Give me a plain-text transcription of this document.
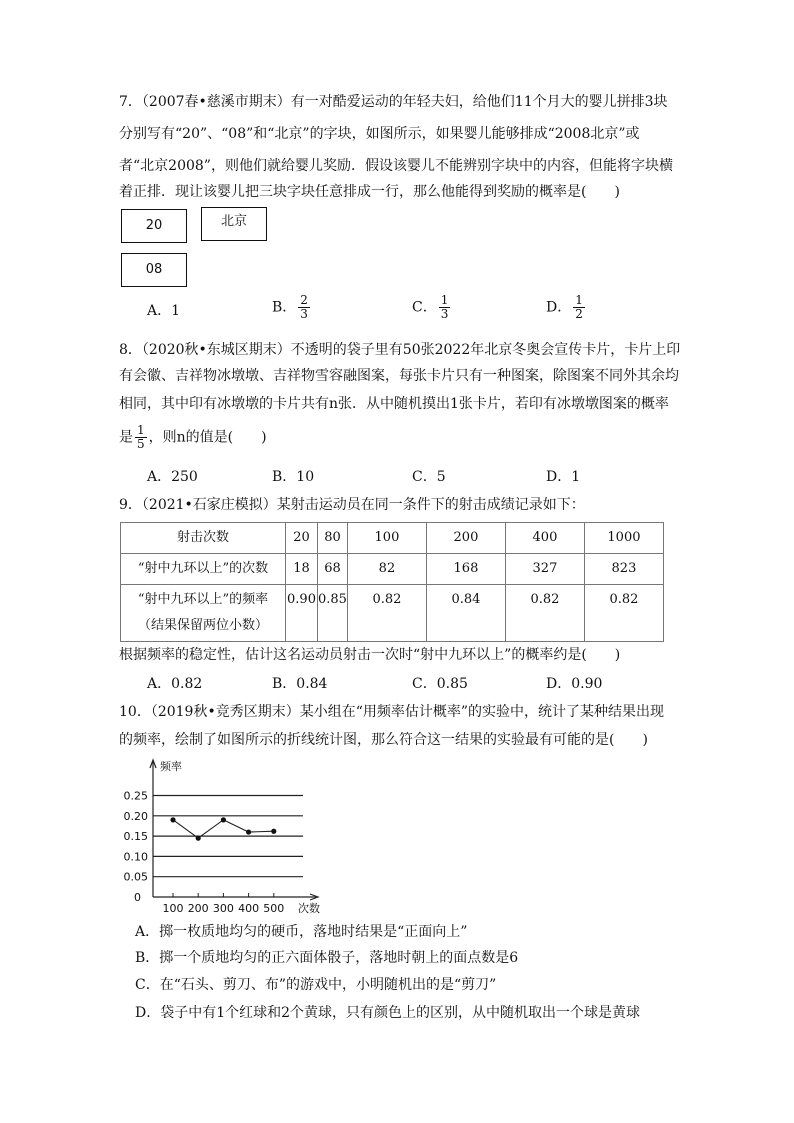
7．（2007春•慈溪市期末）有一对酷爱运动的年轻夫妇，给他们11个月大的婴儿拼排3块
分别写有“20”、“08”和“北京”的字块，如图所示，如果婴儿能够排成“2008北京”或
者“北京2008”，则他们就给婴儿奖励．假设该婴儿不能辨别字块中的内容，但能将字块横
着正排．现让该婴儿把三块字块任意排成一行，那么他能得到奖励的概率是(　　)
20	北京
08
A．1	B． $\frac{2}{3}$	C． $\frac{1}{3}$	D． $\frac{1}{2}$
8．（2020秋•东城区期末）不透明的袋子里有50张2022年北京冬奥会宣传卡片，卡片上印
有会徽、吉祥物冰墩墩、吉祥物雪容融图案，每张卡片只有一种图案，除图案不同外其余均
相同，其中印有冰墩墩的卡片共有n张．从中随机摸出1张卡片，若印有冰墩墩图案的概率
是 $\frac{1}{5}$ ，则n的值是(　　)
A．250	B．10	C．5	D．1
9．（2021•石家庄模拟）某射击运动员在同一条件下的射击成绩记录如下：
射击次数	20	80	100	200	400	1000
“射中九环以上”的次数	18	68	82	168	327	823

“射中九环以上”的频率
（结果保留两位小数）	0.90	0.85	0.82	0.84	0.82	0.82
根据频率的稳定性，估计这名运动员射击一次时“射中九环以上”的概率约是(　　)
A．0.82	B．0.84	C．0.85	D．0.90
10．（2019秋•竞秀区期末）某小组在“用频率估计概率”的实验中，统计了某种结果出现
的频率，绘制了如图所示的折线统计图，那么符合这一结果的实验最有可能的是(　　)
0.05
0.10
0.15
0.20
0.25
频率
次数
0
100 200 300 400 500
A．掷一枚质地均匀的硬币，落地时结果是“正面向上”
B．掷一个质地均匀的正六面体骰子，落地时朝上的面点数是6
C．在“石头、剪刀、布”的游戏中，小明随机出的是“剪刀”
D．袋子中有1个红球和2个黄球，只有颜色上的区别，从中随机取出一个球是黄球
